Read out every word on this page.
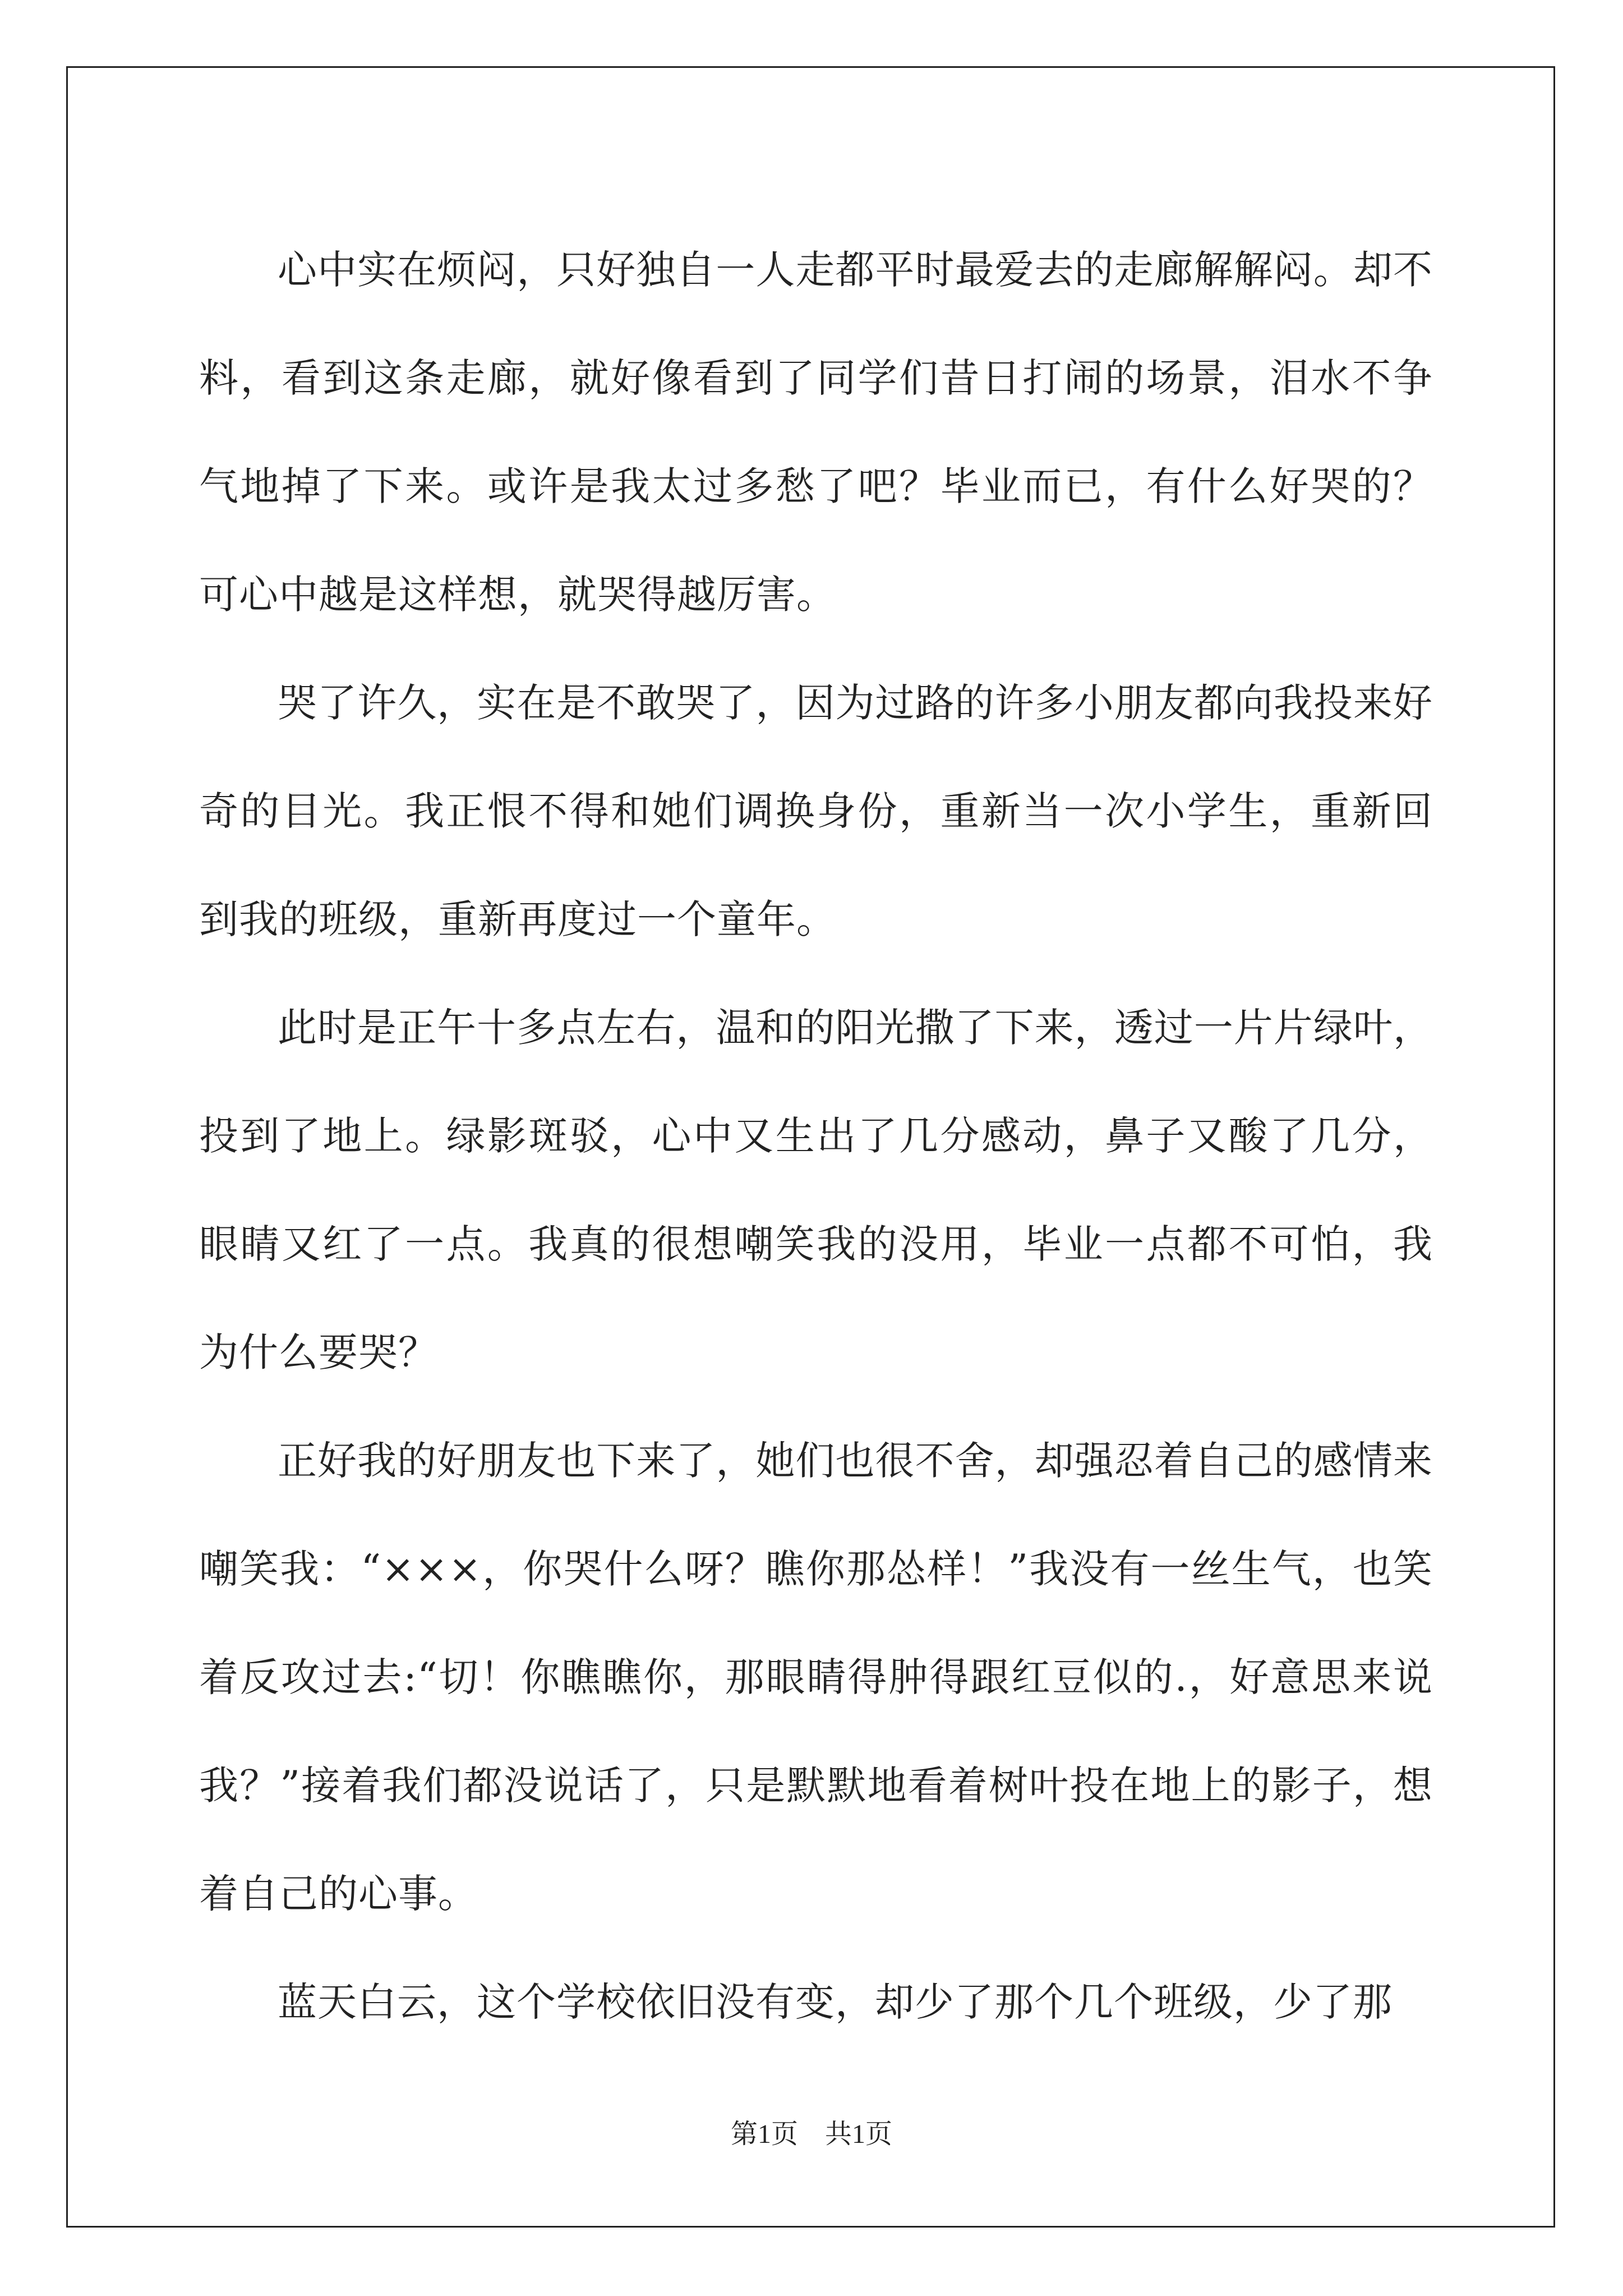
心中实在烦闷，只好独自一人走都平时最爱去的走廊解解闷。却不料，看到这条走廊，就好像看到了同学们昔日打闹的场景，泪水不争气地掉了下来。或许是我太过多愁了吧？毕业而已，有什么好哭的？可心中越是这样想，就哭得越厉害。

哭了许久，实在是不敢哭了，因为过路的许多小朋友都向我投来好奇的目光。我正恨不得和她们调换身份，重新当一次小学生，重新回到我的班级，重新再度过一个童年。

此时是正午十多点左右，温和的阳光撒了下来，透过一片片绿叶，投到了地上。绿影斑驳，心中又生出了几分感动，鼻子又酸了几分，眼睛又红了一点。我真的很想嘲笑我的没用，毕业一点都不可怕，我为什么要哭？

正好我的好朋友也下来了，她们也很不舍，却强忍着自己的感情来嘲笑我：“×××，你哭什么呀？瞧你那怂样！”我没有一丝生气，也笑着反攻过去:“切！你瞧瞧你，那眼睛得肿得跟红豆似的.，好意思来说我？”接着我们都没说话了，只是默默地看着树叶投在地上的影子，想着自己的心事。

蓝天白云，这个学校依旧没有变，却少了那个几个班级，少了那

第1页 共1页
